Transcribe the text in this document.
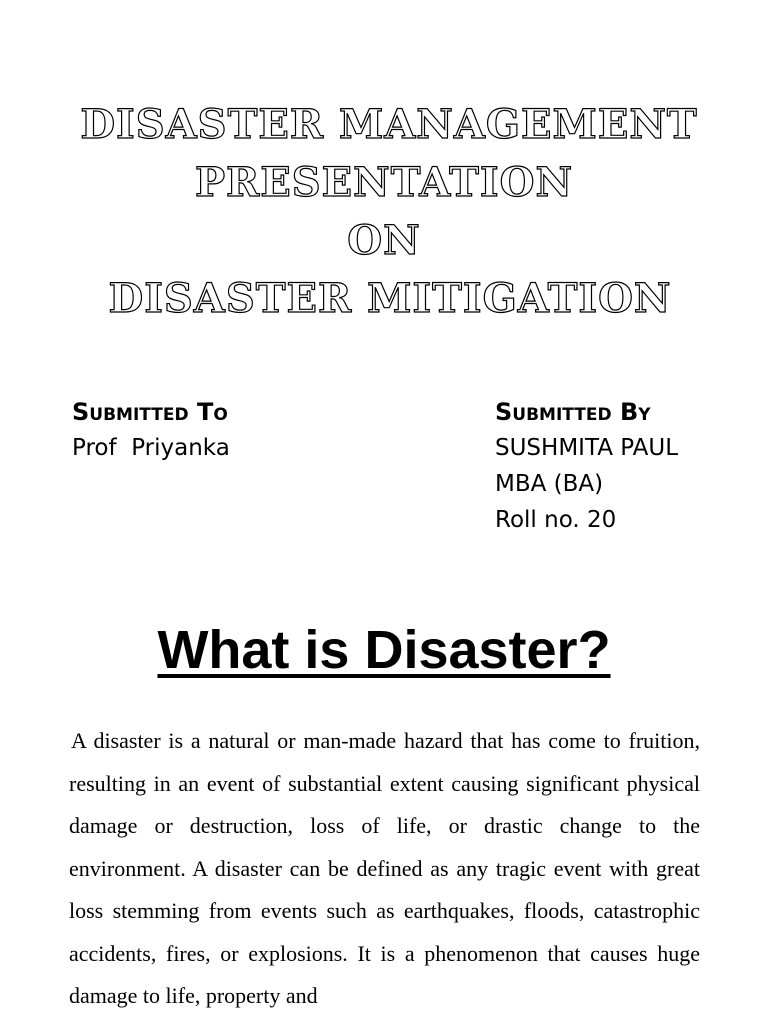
DISASTER MANAGEMENT
PRESENTATION
ON
DISASTER MITIGATION
Submitted To
Prof  Priyanka
Submitted By
SUSHMITA PAUL
MBA (BA)
Roll no. 20
What is Disaster?

A disaster is a natural or man-made hazard that has come to fruition, resulting in an event of substantial extent causing significant physical damage or destruction, loss of life, or drastic change to the environment. A disaster can be defined as any tragic event with great loss stemming from events such as earthquakes, floods, catastrophic accidents, fires, or explosions. It is a phenomenon that causes huge damage to life, property and
